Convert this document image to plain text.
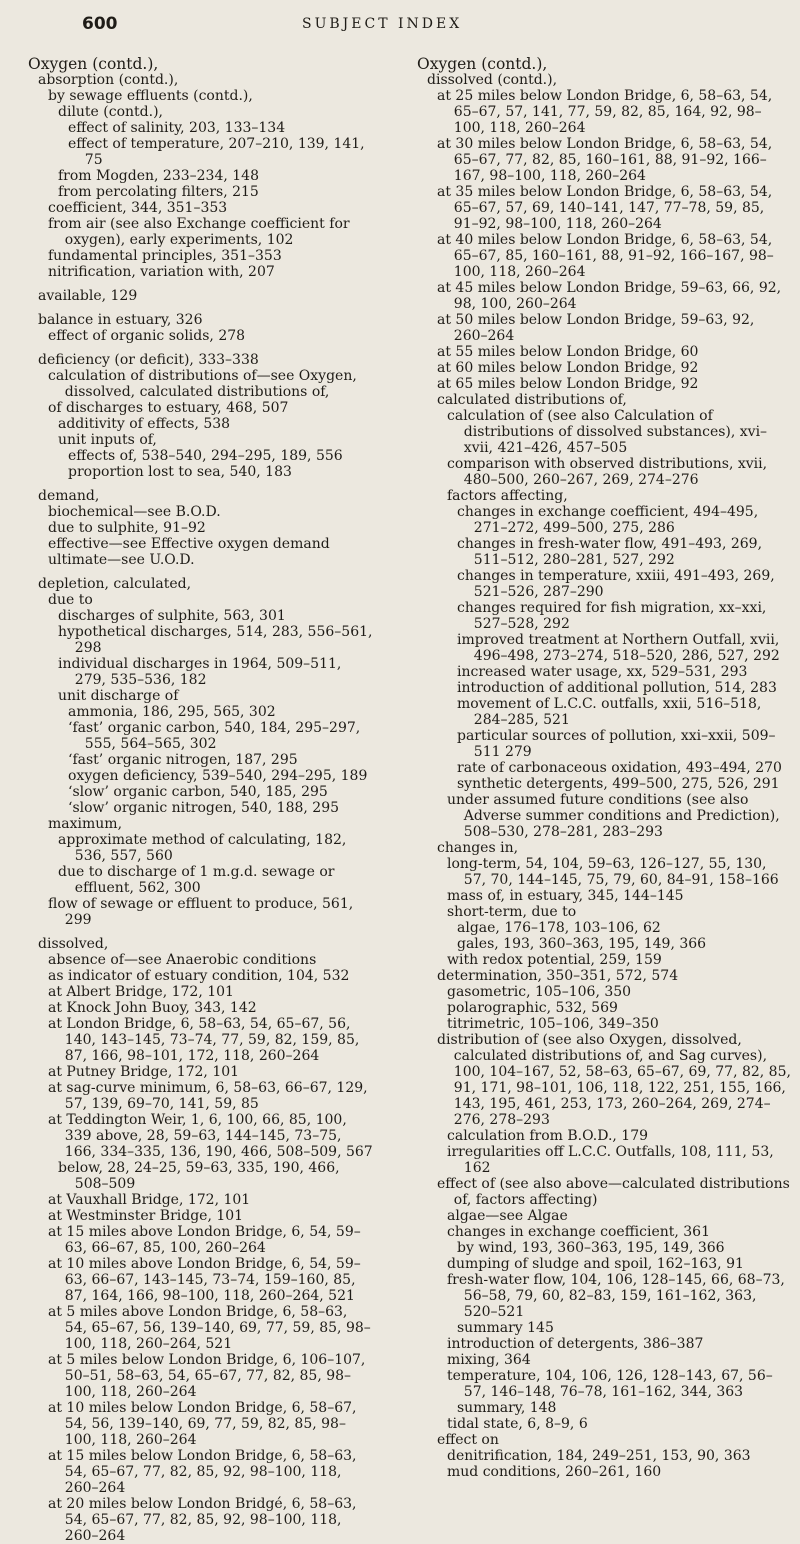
600	SUBJECT INDEX

Oxygen (contd.),

absorption (contd.),

by sewage effluents (contd.),

dilute (contd.),

effect of salinity, 203, 133–134

effect of temperature, 207–210, 139, 141, 75

from Mogden, 233–234, 148

from percolating filters, 215

coefficient, 344, 351–353

from air (see also Exchange coefficient for oxygen), early experiments, 102

fundamental principles, 351–353

nitrification, variation with, 207

available, 129

balance in estuary, 326

effect of organic solids, 278

deficiency (or deficit), 333–338

calculation of distributions of—see Oxygen, dissolved, calculated distributions of,

of discharges to estuary, 468, 507

additivity of effects, 538

unit inputs of,

effects of, 538–540, 294–295, 189, 556

proportion lost to sea, 540, 183

demand,

biochemical—see B.O.D.

due to sulphite, 91–92

effective—see Effective oxygen demand

ultimate—see U.O.D.

depletion, calculated,

due to

discharges of sulphite, 563, 301

hypothetical discharges, 514, 283, 556–561, 298

individual discharges in 1964, 509–511, 279, 535–536, 182

unit discharge of

ammonia, 186, 295, 565, 302

‘fast’ organic carbon, 540, 184, 295–297, 555, 564–565, 302

‘fast’ organic nitrogen, 187, 295

oxygen deficiency, 539–540, 294–295, 189

‘slow’ organic carbon, 540, 185, 295

‘slow’ organic nitrogen, 540, 188, 295

maximum,

approximate method of calculating, 182, 536, 557, 560

due to discharge of 1 m.g.d. sewage or effluent, 562, 300

flow of sewage or effluent to produce, 561, 299

dissolved,

absence of—see Anaerobic conditions

as indicator of estuary condition, 104, 532

at Albert Bridge, 172, 101

at Knock John Buoy, 343, 142

at London Bridge, 6, 58–63, 54, 65–67, 56, 140, 143–145, 73–74, 77, 59, 82, 159, 85, 87, 166, 98–101, 172, 118, 260–264

at Putney Bridge, 172, 101

at sag-curve minimum, 6, 58–63, 66–67, 129, 57, 139, 69–70, 141, 59, 85

at Teddington Weir, 1, 6, 100, 66, 85, 100, 339 above, 28, 59–63, 144–145, 73–75, 166, 334–335, 136, 190, 466, 508–509, 567

below, 28, 24–25, 59–63, 335, 190, 466, 508–509

at Vauxhall Bridge, 172, 101

at Westminster Bridge, 101

at 15 miles above London Bridge, 6, 54, 59–63, 66–67, 85, 100, 260–264

at 10 miles above London Bridge, 6, 54, 59–63, 66–67, 143–145, 73–74, 159–160, 85, 87, 164, 166, 98–100, 118, 260–264, 521

at 5 miles above London Bridge, 6, 58–63, 54, 65–67, 56, 139–140, 69, 77, 59, 85, 98–100, 118, 260–264, 521

at 5 miles below London Bridge, 6, 106–107, 50–51, 58–63, 54, 65–67, 77, 82, 85, 98–100, 118, 260–264

at 10 miles below London Bridge, 6, 58–67, 54, 56, 139–140, 69, 77, 59, 82, 85, 98–100, 118, 260–264

at 15 miles below London Bridge, 6, 58–63, 54, 65–67, 77, 82, 85, 92, 98–100, 118, 260–264

at 20 miles below London Bridgé, 6, 58–63, 54, 65–67, 77, 82, 85, 92, 98–100, 118, 260–264

Oxygen (contd.),

dissolved (contd.),

at 25 miles below London Bridge, 6, 58–63, 54, 65–67, 57, 141, 77, 59, 82, 85, 164, 92, 98–100, 118, 260–264

at 30 miles below London Bridge, 6, 58–63, 54, 65–67, 77, 82, 85, 160–161, 88, 91–92, 166–167, 98–100, 118, 260–264

at 35 miles below London Bridge, 6, 58–63, 54, 65–67, 57, 69, 140–141, 147, 77–78, 59, 85, 91–92, 98–100, 118, 260–264

at 40 miles below London Bridge, 6, 58–63, 54, 65–67, 85, 160–161, 88, 91–92, 166–167, 98–100, 118, 260–264

at 45 miles below London Bridge, 59–63, 66, 92, 98, 100, 260–264

at 50 miles below London Bridge, 59–63, 92, 260–264

at 55 miles below London Bridge, 60

at 60 miles below London Bridge, 92

at 65 miles below London Bridge, 92

calculated distributions of,

calculation of (see also Calculation of distributions of dissolved substances), xvi–xvii, 421–426, 457–505

comparison with observed distributions, xvii, 480–500, 260–267, 269, 274–276

factors affecting,

changes in exchange coefficient, 494–495, 271–272, 499–500, 275, 286

changes in fresh-water flow, 491–493, 269, 511–512, 280–281, 527, 292

changes in temperature, xxiii, 491–493, 269, 521–526, 287–290

changes required for fish migration, xx–xxi, 527–528, 292

improved treatment at Northern Outfall, xvii, 496–498, 273–274, 518–520, 286, 527, 292

increased water usage, xx, 529–531, 293

introduction of additional pollution, 514, 283

movement of L.C.C. outfalls, xxii, 516–518, 284–285, 521

particular sources of pollution, xxi–xxii, 509–511 279

rate of carbonaceous oxidation, 493–494, 270

synthetic detergents, 499–500, 275, 526, 291

under assumed future conditions (see also Adverse summer conditions and Prediction), 508–530, 278–281, 283–293

changes in,

long-term, 54, 104, 59–63, 126–127, 55, 130, 57, 70, 144–145, 75, 79, 60, 84–91, 158–166

mass of, in estuary, 345, 144–145

short-term, due to

algae, 176–178, 103–106, 62

gales, 193, 360–363, 195, 149, 366

with redox potential, 259, 159

determination, 350–351, 572, 574

gasometric, 105–106, 350

polarographic, 532, 569

titrimetric, 105–106, 349–350

distribution of (see also Oxygen, dissolved, calculated distributions of, and Sag curves), 100, 104–167, 52, 58–63, 65–67, 69, 77, 82, 85, 91, 171, 98–101, 106, 118, 122, 251, 155, 166, 143, 195, 461, 253, 173, 260–264, 269, 274–276, 278–293

calculation from B.O.D., 179

irregularities off L.C.C. Outfalls, 108, 111, 53, 162

effect of (see also above—calculated distributions of, factors affecting)

algae—see Algae

changes in exchange coefficient, 361

by wind, 193, 360–363, 195, 149, 366

dumping of sludge and spoil, 162–163, 91

fresh-water flow, 104, 106, 128–145, 66, 68–73, 56–58, 79, 60, 82–83, 159, 161–162, 363, 520–521

summary 145

introduction of detergents, 386–387

mixing, 364

temperature, 104, 106, 126, 128–143, 67, 56–57, 146–148, 76–78, 161–162, 344, 363

summary, 148

tidal state, 6, 8–9, 6

effect on

denitrification, 184, 249–251, 153, 90, 363

mud conditions, 260–261, 160
